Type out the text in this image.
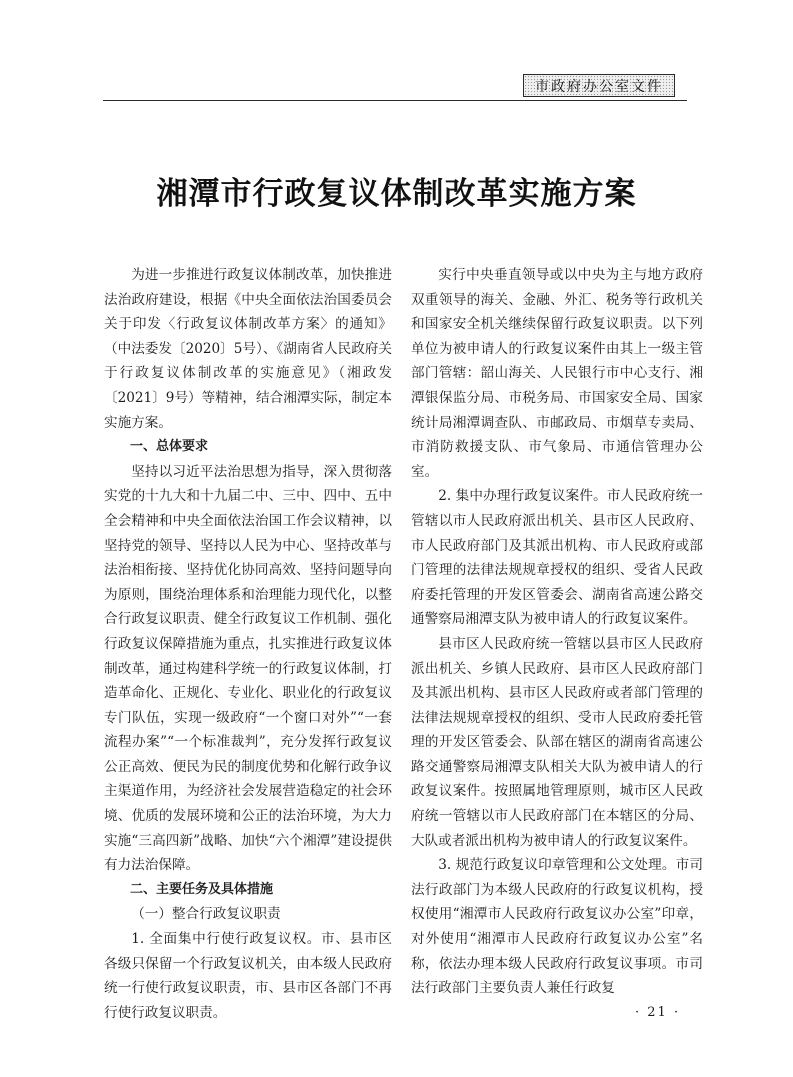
市政府办公室文件
湘潭市行政复议体制改革实施方案

为进一步推进行政复议体制改革，加快推进法治政府建设，根据《中央全面依法治国委员会关于印发〈行政复议体制改革方案〉的通知》（中法委发〔2020〕5号）、《湖南省人民政府关于行政复议体制改革的实施意见》（湘政发〔2021〕9号）等精神，结合湘潭实际，制定本实施方案。

一、总体要求

坚持以习近平法治思想为指导，深入贯彻落实党的十九大和十九届二中、三中、四中、五中全会精神和中央全面依法治国工作会议精神，以坚持党的领导、坚持以人民为中心、坚持改革与法治相衔接、坚持优化协同高效、坚持问题导向为原则，围绕治理体系和治理能力现代化，以整合行政复议职责、健全行政复议工作机制、强化行政复议保障措施为重点，扎实推进行政复议体制改革，通过构建科学统一的行政复议体制，打造革命化、正规化、专业化、职业化的行政复议专门队伍，实现一级政府“一个窗口对外”“一套流程办案”“一个标准裁判”，充分发挥行政复议公正高效、便民为民的制度优势和化解行政争议主渠道作用，为经济社会发展营造稳定的社会环境、优质的发展环境和公正的法治环境，为大力实施“三高四新”战略、加快“六个湘潭”建设提供有力法治保障。

二、主要任务及具体措施

（一）整合行政复议职责

1. 全面集中行使行政复议权。市、县市区各级只保留一个行政复议机关，由本级人民政府统一行使行政复议职责，市、县市区各部门不再行使行政复议职责。

实行中央垂直领导或以中央为主与地方政府双重领导的海关、金融、外汇、税务等行政机关和国家安全机关继续保留行政复议职责。以下列单位为被申请人的行政复议案件由其上一级主管部门管辖：韶山海关、人民银行市中心支行、湘潭银保监分局、市税务局、市国家安全局、国家统计局湘潭调查队、市邮政局、市烟草专卖局、市消防救援支队、市气象局、市通信管理办公室。

2. 集中办理行政复议案件。市人民政府统一管辖以市人民政府派出机关、县市区人民政府、市人民政府部门及其派出机构、市人民政府或部门管理的法律法规规章授权的组织、受省人民政府委托管理的开发区管委会、湖南省高速公路交通警察局湘潭支队为被申请人的行政复议案件。

县市区人民政府统一管辖以县市区人民政府派出机关、乡镇人民政府、县市区人民政府部门及其派出机构、县市区人民政府或者部门管理的法律法规规章授权的组织、受市人民政府委托管理的开发区管委会、队部在辖区的湖南省高速公路交通警察局湘潭支队相关大队为被申请人的行政复议案件。按照属地管理原则，城市区人民政府统一管辖以市人民政府部门在本辖区的分局、大队或者派出机构为被申请人的行政复议案件。

3. 规范行政复议印章管理和公文处理。市司法行政部门为本级人民政府的行政复议机构，授权使用“湘潭市人民政府行政复议办公室”印章，对外使用“湘潭市人民政府行政复议办公室”名称，依法办理本级人民政府行政复议事项。市司法行政部门主要负责人兼任行政复

· 21 ·
